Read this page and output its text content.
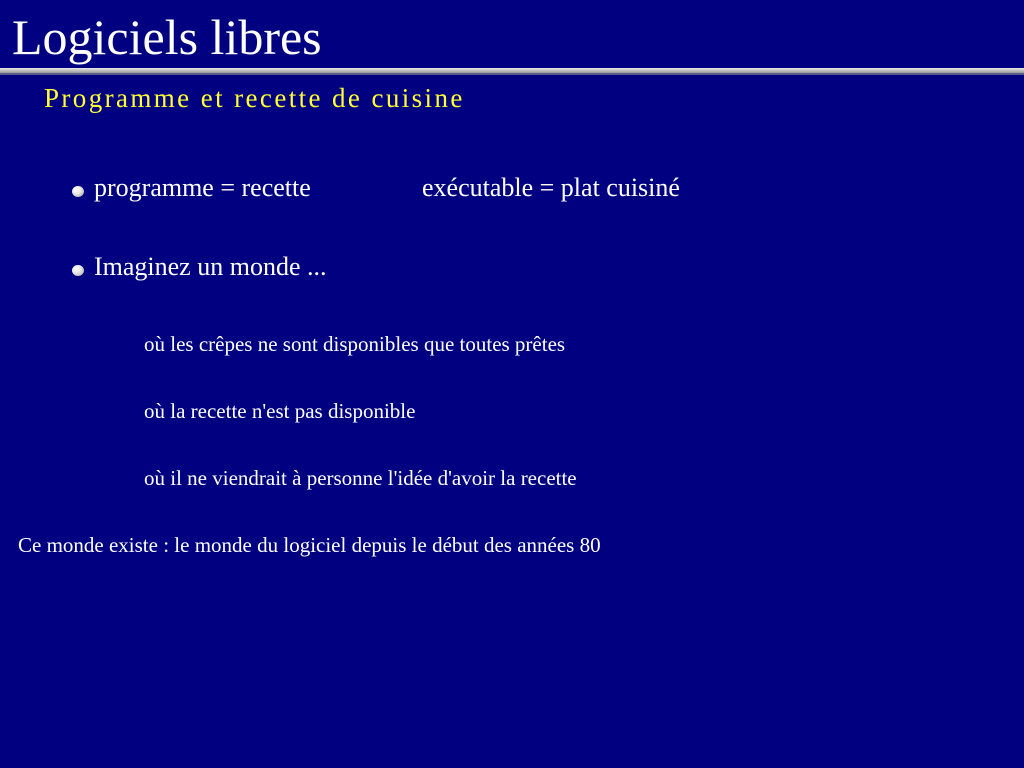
Logiciels libres
Programme et recette de cuisine
programme = recette	exécutable = plat cuisiné
Imaginez un monde ...
où les crêpes ne sont disponibles que toutes prêtes
où la recette n'est pas disponible
où il ne viendrait à personne l'idée d'avoir la recette
Ce monde existe : le monde du logiciel depuis le début des années 80
